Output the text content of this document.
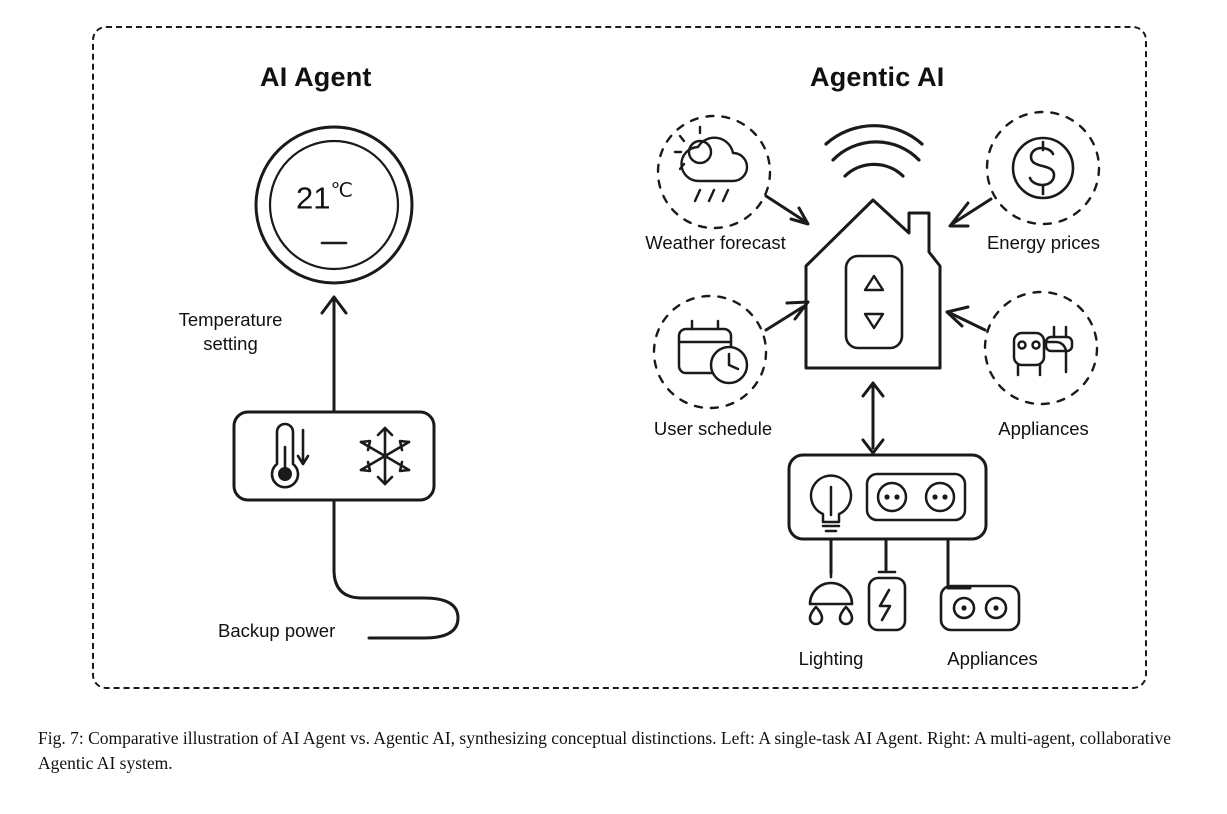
AI Agent	Agentic AI
21℃
Temperature
setting
Backup power
Weather forecast	Energy prices
User schedule	Appliances
Lighting	Appliances
Fig. 7: Comparative illustration of AI Agent vs. Agentic AI, synthesizing conceptual distinctions. Left: A single-task AI Agent. Right: A multi-agent, collaborative Agentic AI system.
